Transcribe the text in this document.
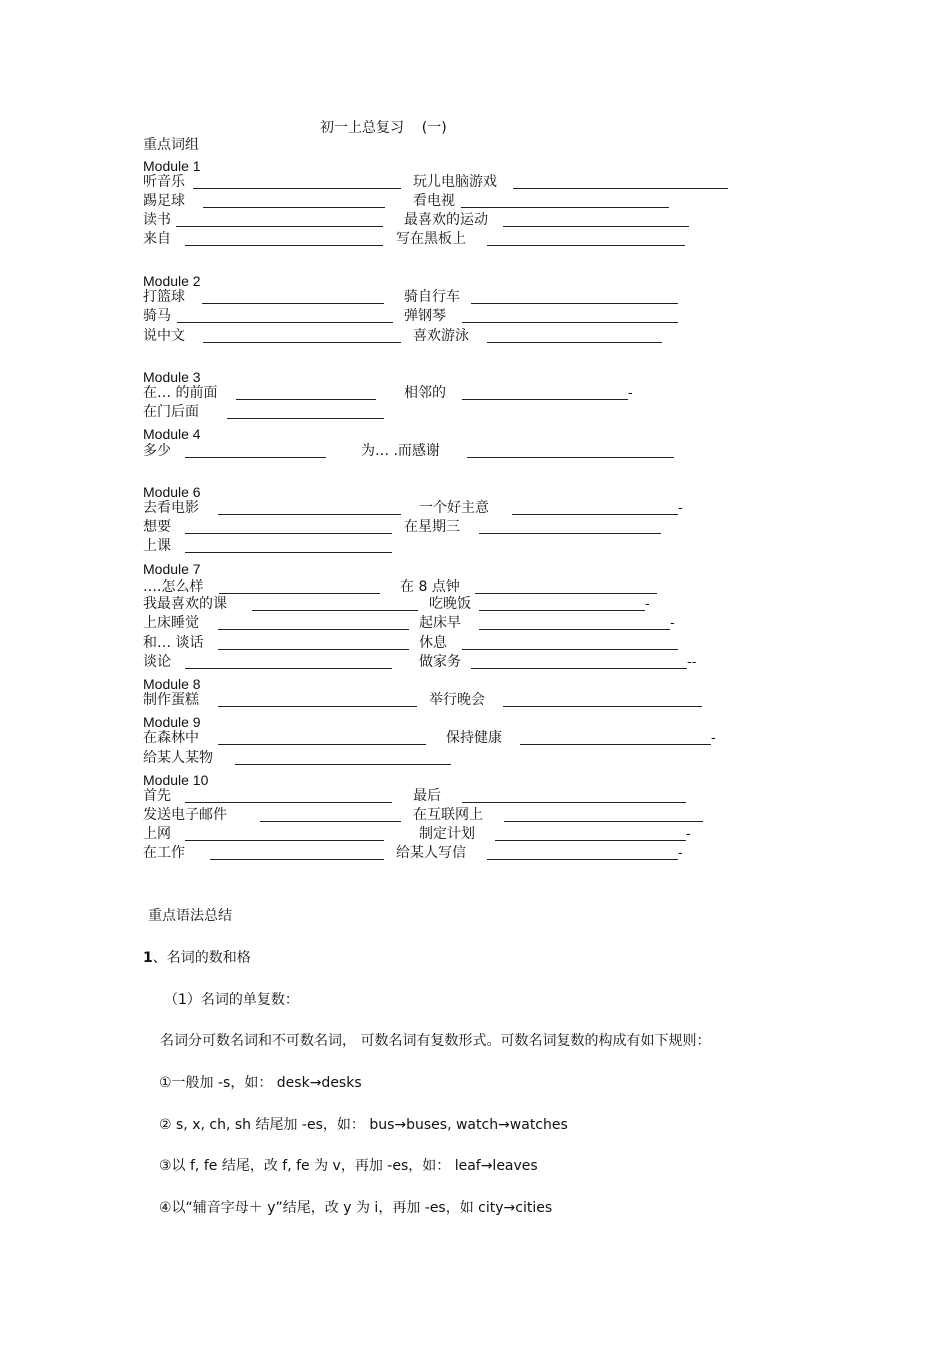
初一上总复习    (一)
重点词组
Module 1
听音乐	玩儿电脑游戏
踢足球	看电视
读书	最喜欢的运动
来自	写在黑板上
Module 2
打篮球	骑自行车
骑马	弹钢琴
说中文	喜欢游泳
Module 3
在… 的前面	相邻的	-
在门后面
Module 4
多少	为… .而感谢
Module 6
去看电影	一个好主意	-
想要	在星期三
上课
Module 7
….怎么样	在 8 点钟
我最喜欢的课	吃晚饭	-
上床睡觉	起床早	-
和… 谈话	休息
谈论	做家务	--
Module 8
制作蛋糕	举行晚会
Module 9
在森林中	保持健康	-
给某人某物
Module 10
首先	最后
发送电子邮件	在互联网上
上网	制定计划	-
在工作	给某人写信	-
重点语法总结
1、名词的数和格
（1）名词的单复数：
名词分可数名词和不可数名词， 可数名词有复数形式。可数名词复数的构成有如下规则：
①一般加 -s，如： desk→desks
② s, x, ch, sh 结尾加 -es，如： bus→buses, watch→watches
③以 f, fe 结尾，改 f, fe 为 v，再加 -es，如： leaf→leaves
④以“辅音字母＋ y”结尾，改 y 为 i，再加 -es，如 city→cities
